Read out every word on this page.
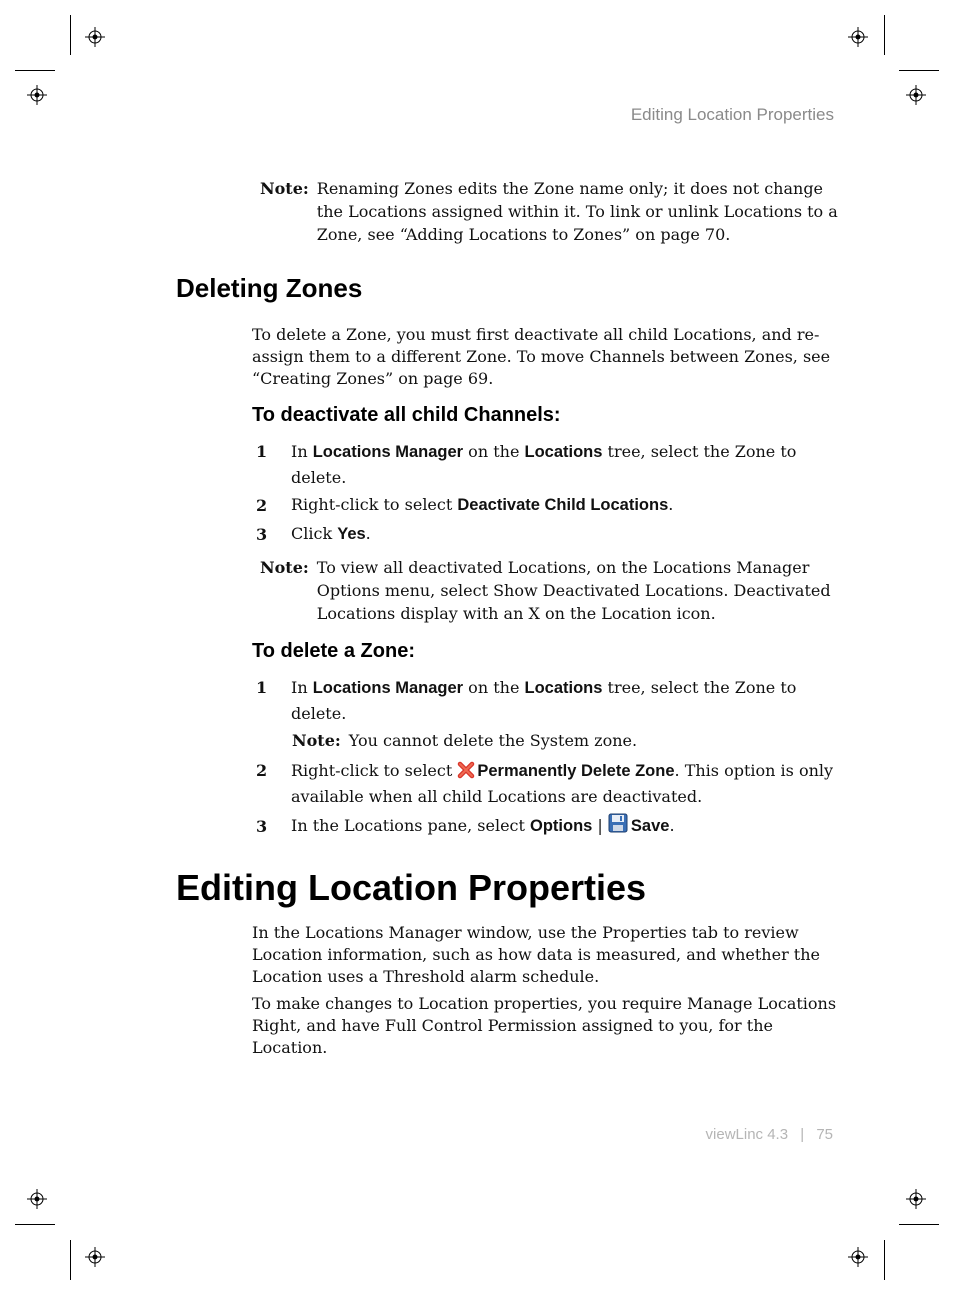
Editing Location Properties
Note: Renaming Zones edits the Zone name only; it does not change the Locations assigned within it. To link or unlink Locations to a Zone, see “Adding Locations to Zones” on page 70.
Deleting Zones
To delete a Zone, you must first deactivate all child Locations, and re-assign them to a different Zone. To move Channels between Zones, see “Creating Zones” on page 69.
To deactivate all child Channels:
1 In Locations Manager on the Locations tree, select the Zone to delete.
2 Right-click to select Deactivate Child Locations.
3 Click Yes.
Note: To view all deactivated Locations, on the Locations Manager Options menu, select Show Deactivated Locations. Deactivated Locations display with an X on the Location icon.
To delete a Zone:
1 In Locations Manager on the Locations tree, select the Zone to delete.
Note: You cannot delete the System zone.
2 Right-click to select Permanently Delete Zone. This option is only available when all child Locations are deactivated.
3 In the Locations pane, select Options | Save.
Editing Location Properties
In the Locations Manager window, use the Properties tab to review Location information, such as how data is measured, and whether the Location uses a Threshold alarm schedule.
To make changes to Location properties, you require Manage Locations Right, and have Full Control Permission assigned to you, for the Location.
viewLinc 4.3 | 75
